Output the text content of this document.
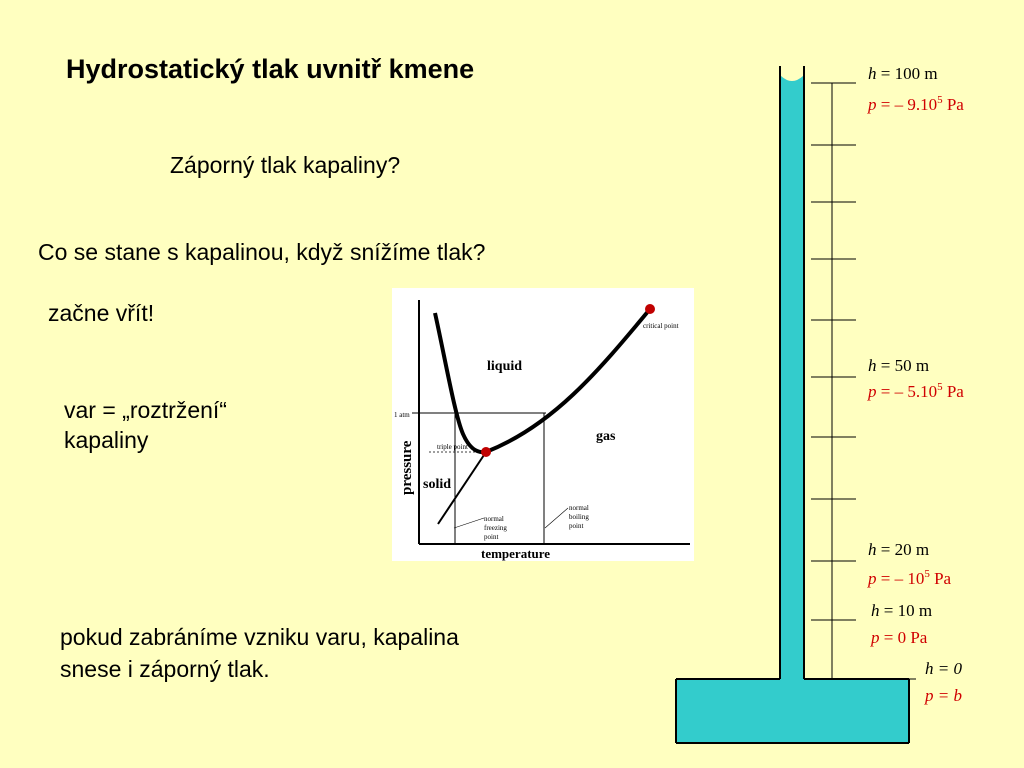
Hydrostatický tlak uvnitř kmene
Záporný tlak kapaliny?
Co se stane s kapalinou, když snížíme tlak?
začne vřít!
var = „roztržení“
kapaliny
pokud zabráníme vzniku varu, kapalina
snese i záporný tlak.
liquid
gas
solid
pressure
temperature
1 atm
triple point
critical point
normal
freezing
point
normal
boiling
point
h = 100 m
p = – 9.10$^5$ Pa
h = 50 m
p = – 5.10$^5$ Pa
h = 20 m
p = – $10^5$ Pa
h = 10 m
p = 0 Pa
h = 0
p = b
